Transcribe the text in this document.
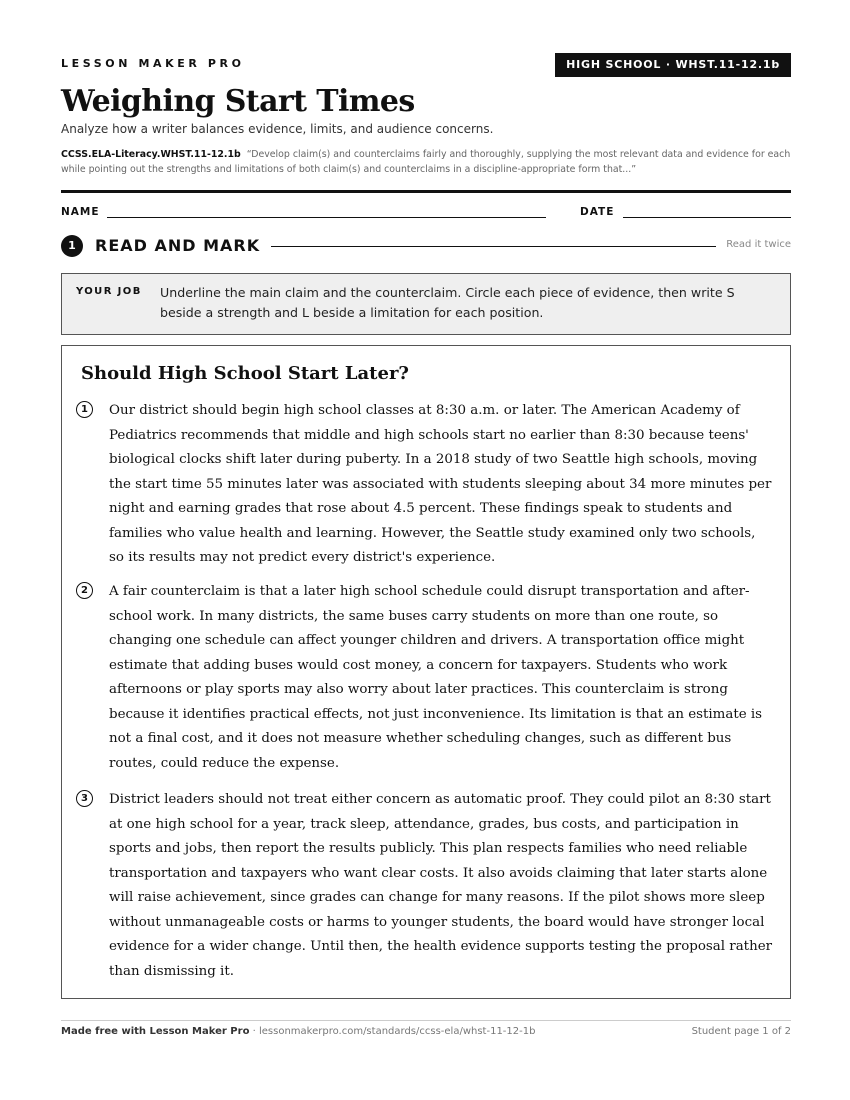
LESSON MAKER PRO	HIGH SCHOOL · WHST.11-12.1b
Weighing Start Times
Analyze how a writer balances evidence, limits, and audience concerns.
CCSS.ELA-Literacy.WHST.11-12.1b “Develop claim(s) and counterclaims fairly and thoroughly, supplying the most relevant data and evidence for each while pointing out the strengths and limitations of both claim(s) and counterclaims in a discipline-appropriate form that...”
NAME	DATE
1	READ AND MARK	Read it twice
YOUR JOB Underline the main claim and the counterclaim. Circle each piece of evidence, then write S beside a strength and L beside a limitation for each position.
Should High School Start Later?
1	Our district should begin high school classes at 8:30 a.m. or later. The American Academy of Pediatrics recommends that middle and high schools start no earlier than 8:30 because teens' biological clocks shift later during puberty. In a 2018 study of two Seattle high schools, moving the start time 55 minutes later was associated with students sleeping about 34 more minutes per night and earning grades that rose about 4.5 percent. These findings speak to students and families who value health and learning. However, the Seattle study examined only two schools, so its results may not predict every district's experience.
2	A fair counterclaim is that a later high school schedule could disrupt transportation and after-school work. In many districts, the same buses carry students on more than one route, so changing one schedule can affect younger children and drivers. A transportation office might estimate that adding buses would cost money, a concern for taxpayers. Students who work afternoons or play sports may also worry about later practices. This counterclaim is strong because it identifies practical effects, not just inconvenience. Its limitation is that an estimate is not a final cost, and it does not measure whether scheduling changes, such as different bus routes, could reduce the expense.
3	District leaders should not treat either concern as automatic proof. They could pilot an 8:30 start at one high school for a year, track sleep, attendance, grades, bus costs, and participation in sports and jobs, then report the results publicly. This plan respects families who need reliable transportation and taxpayers who want clear costs. It also avoids claiming that later starts alone will raise achievement, since grades can change for many reasons. If the pilot shows more sleep without unmanageable costs or harms to younger students, the board would have stronger local evidence for a wider change. Until then, the health evidence supports testing the proposal rather than dismissing it.
Made free with Lesson Maker Pro · lessonmakerpro.com/standards/ccss-ela/whst-11-12-1b	Student page 1 of 2
